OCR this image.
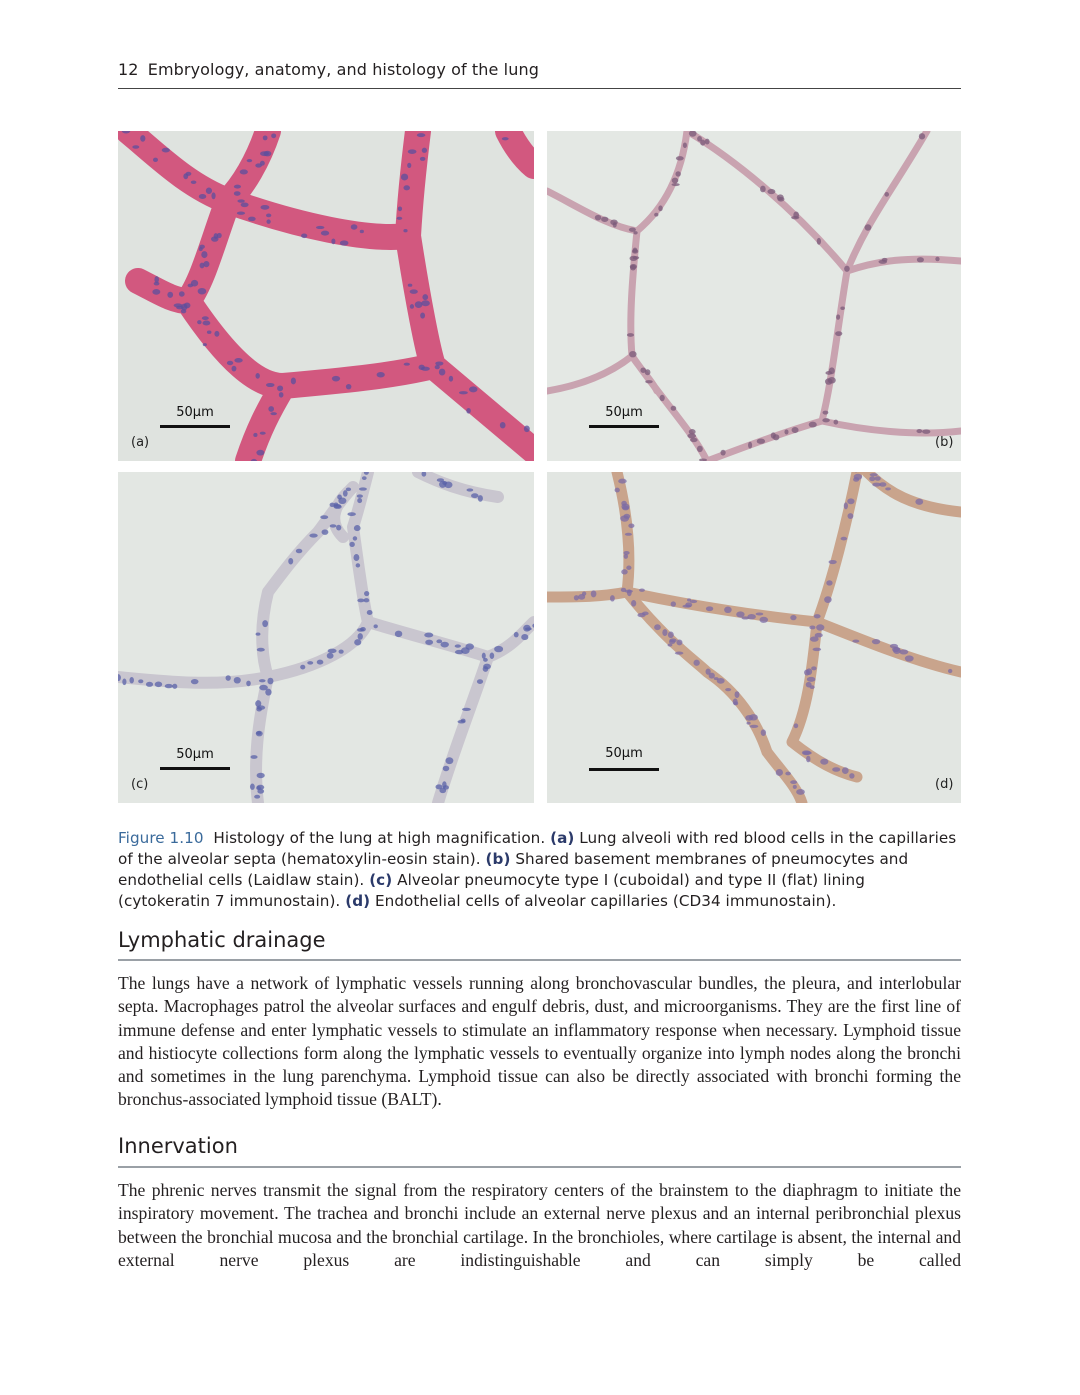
12 Embryology, anatomy, and histology of the lung
50µm
(a)
50µm
(b)
50µm
(c)
50µm
(d)
Figure 1.10 Histology of the lung at high magnification. (a) Lung alveoli with red blood cells in the capillaries of the alveolar septa (hematoxylin-eosin stain). (b) Shared basement membranes of pneumocytes and endothelial cells (Laidlaw stain). (c) Alveolar pneumocyte type I (cuboidal) and type II (flat) lining (cytokeratin 7 immunostain). (d) Endothelial cells of alveolar capillaries (CD34 immunostain).
Lymphatic drainage
The lungs have a network of lymphatic vessels running along bronchovascular bundles, the pleura, and interlobular septa. Macrophages patrol the alveolar surfaces and engulf debris, dust, and microorganisms. They are the first line of immune defense and enter lymphatic vessels to stimulate an inflammatory response when necessary. Lymphoid tissue and histiocyte collections form along the lymphatic vessels to eventually organize into lymph nodes along the bronchi and sometimes in the lung parenchyma. Lymphoid tissue can also be directly associated with bronchi forming the bronchus-associated lymphoid tissue (BALT).
Innervation
The phrenic nerves transmit the signal from the respiratory centers of the brainstem to the diaphragm to initiate the inspiratory movement. The trachea and bronchi include an external nerve plexus and an internal peribronchial plexus between the bronchial mucosa and the bronchial cartilage. In the bronchioles, where cartilage is absent, the internal and external nerve plexus are indistinguishable and can simply be called
